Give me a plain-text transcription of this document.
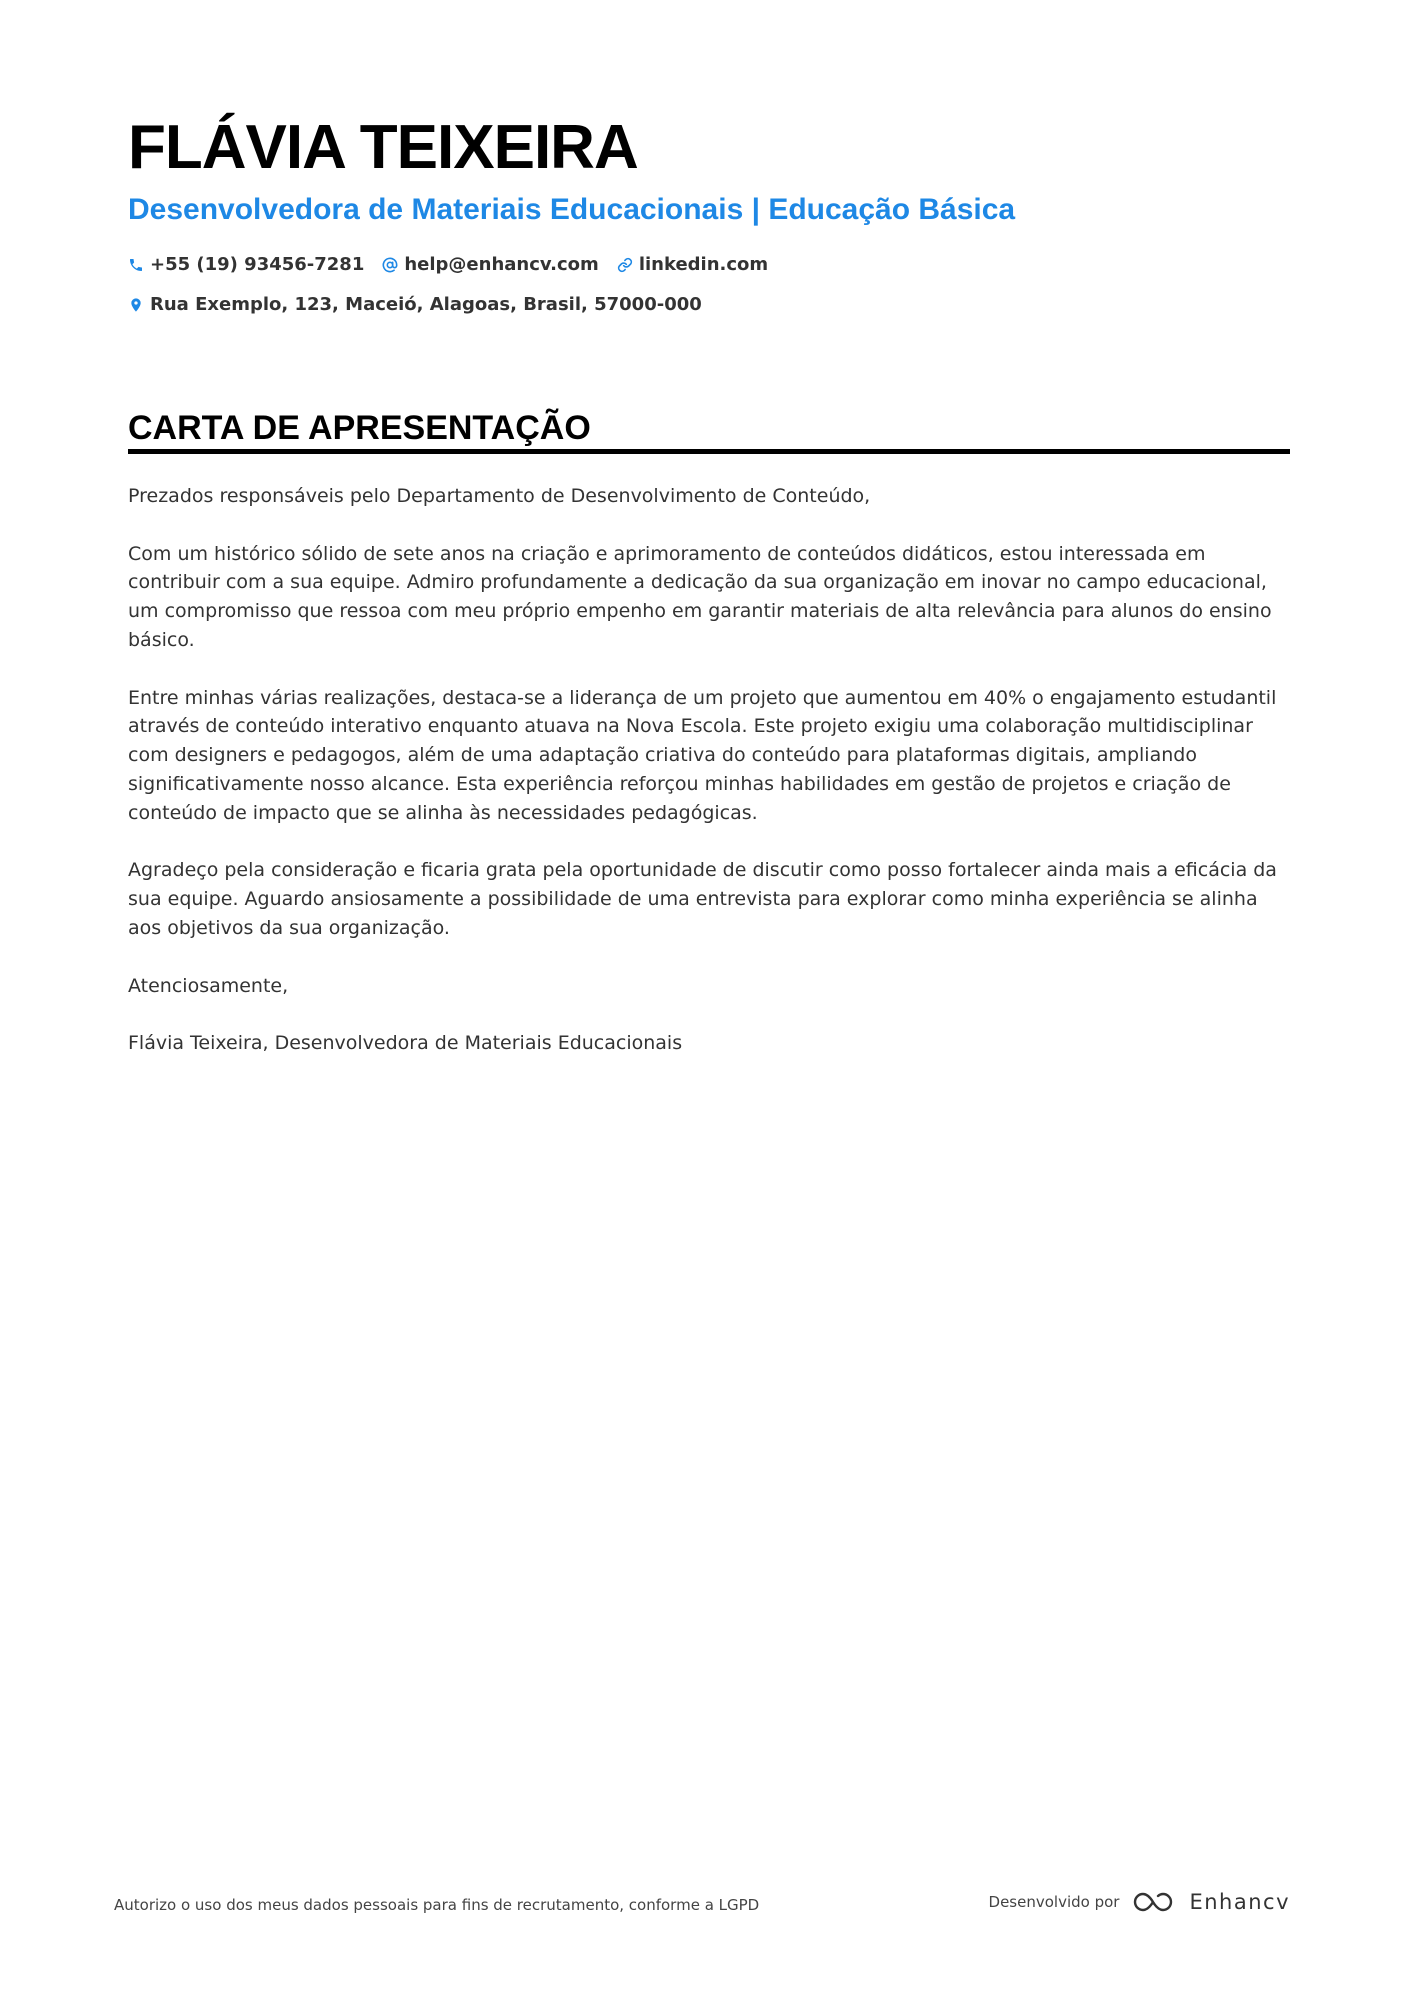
FLÁVIA TEIXEIRA
Desenvolvedora de Materiais Educacionais | Educação Básica
+55 (19) 93456-7281 help@enhancv.com linkedin.com
Rua Exemplo, 123, Maceió, Alagoas, Brasil, 57000-000
CARTA DE APRESENTAÇÃO

Prezados responsáveis pelo Departamento de Desenvolvimento de Conteúdo,

Com um histórico sólido de sete anos na criação e aprimoramento de conteúdos didáticos, estou interessada em contribuir com a sua equipe. Admiro profundamente a dedicação da sua organização em inovar no campo educacional, um compromisso que ressoa com meu próprio empenho em garantir materiais de alta relevância para alunos do ensino básico.

Entre minhas várias realizações, destaca-se a liderança de um projeto que aumentou em 40% o engajamento estudantil através de conteúdo interativo enquanto atuava na Nova Escola. Este projeto exigiu uma colaboração multidisciplinar com designers e pedagogos, além de uma adaptação criativa do conteúdo para plataformas digitais, ampliando significativamente nosso alcance. Esta experiência reforçou minhas habilidades em gestão de projetos e criação de conteúdo de impacto que se alinha às necessidades pedagógicas.

Agradeço pela consideração e ficaria grata pela oportunidade de discutir como posso fortalecer ainda mais a eficácia da sua equipe. Aguardo ansiosamente a possibilidade de uma entrevista para explorar como minha experiência se alinha aos objetivos da sua organização.

Atenciosamente,

Flávia Teixeira, Desenvolvedora de Materiais Educacionais

Autorizo o uso dos meus dados pessoais para fins de recrutamento, conforme a LGPD	Desenvolvido por	Enhancv
